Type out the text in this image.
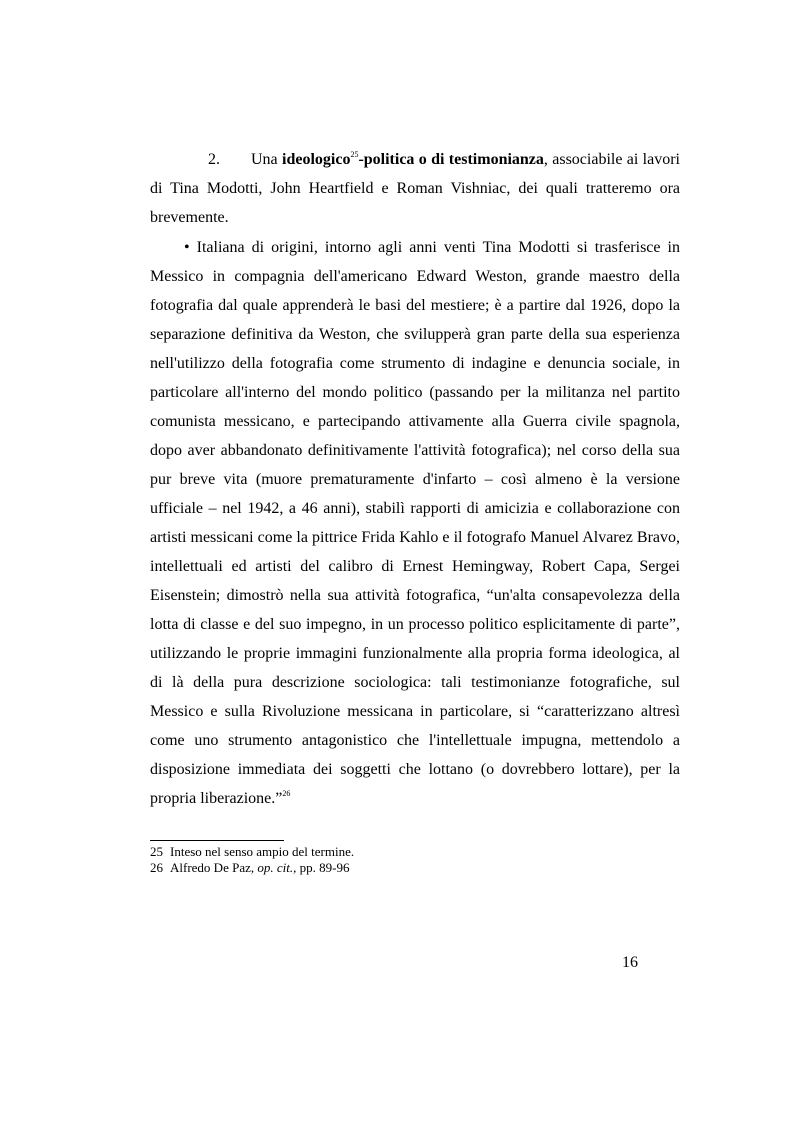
2. Una ideologico$^{25}$-politica o di testimonianza, associabile ai lavori di Tina Modotti, John Heartfield e Roman Vishniac, dei quali tratteremo ora brevemente.
• Italiana di origini, intorno agli anni venti Tina Modotti si trasferisce in Messico in compagnia dell'americano Edward Weston, grande maestro della fotografia dal quale apprenderà le basi del mestiere; è a partire dal 1926, dopo la separazione definitiva da Weston, che svilupperà gran parte della sua esperienza nell'utilizzo della fotografia come strumento di indagine e denuncia sociale, in particolare all'interno del mondo politico (passando per la militanza nel partito comunista messicano, e partecipando attivamente alla Guerra civile spagnola, dopo aver abbandonato definitivamente l'attività fotografica); nel corso della sua pur breve vita (muore prematuramente d'infarto – così almeno è la versione ufficiale – nel 1942, a 46 anni), stabilì rapporti di amicizia e collaborazione con artisti messicani come la pittrice Frida Kahlo e il fotografo Manuel Alvarez Bravo, intellettuali ed artisti del calibro di Ernest Hemingway, Robert Capa, Sergei Eisenstein; dimostrò nella sua attività fotografica, “un'alta consapevolezza della lotta di classe e del suo impegno, in un processo politico esplicitamente di parte”, utilizzando le proprie immagini funzionalmente alla propria forma ideologica, al di là della pura descrizione sociologica: tali testimonianze fotografiche, sul Messico e sulla Rivoluzione messicana in particolare, si “caratterizzano altresì come uno strumento antagonistico che l'intellettuale impugna, mettendolo a disposizione immediata dei soggetti che lottano (o dovrebbero lottare), per la propria liberazione.”$^{26}$
25 Inteso nel senso ampio del termine.
26 Alfredo De Paz, op. cit., pp. 89-96
16
